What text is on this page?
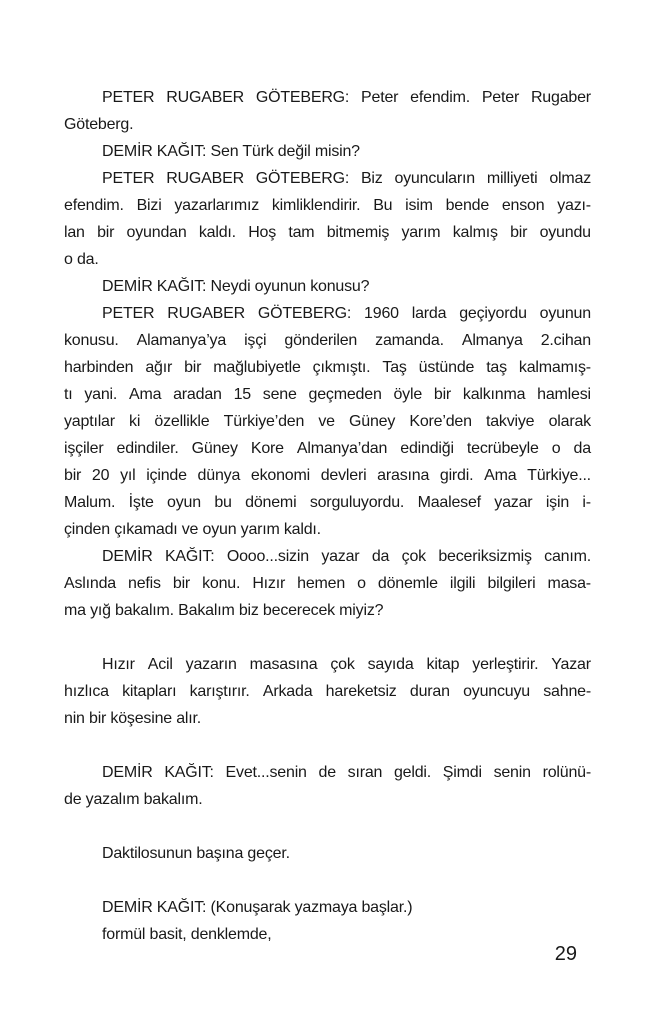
PETER RUGABER GÖTEBERG: Peter efendim. Peter Rugaber
Göteberg.
DEMİR KAĞIT: Sen Türk değil misin?
PETER RUGABER GÖTEBERG: Biz oyuncuların milliyeti olmaz
efendim. Bizi yazarlarımız kimliklendirir. Bu isim bende enson yazı-
lan bir oyundan kaldı. Hoş tam bitmemiş yarım kalmış bir oyundu
o da.
DEMİR KAĞIT: Neydi oyunun konusu?
PETER RUGABER GÖTEBERG: 1960 larda geçiyordu oyunun
konusu. Alamanya’ya işçi gönderilen zamanda. Almanya 2.cihan
harbinden ağır bir mağlubiyetle çıkmıştı. Taş üstünde taş kalmamış-
tı yani. Ama aradan 15 sene geçmeden öyle bir kalkınma hamlesi
yaptılar ki özellikle Türkiye’den ve Güney Kore’den takviye olarak
işçiler edindiler. Güney Kore Almanya’dan edindiği tecrübeyle o da
bir 20 yıl içinde dünya ekonomi devleri arasına girdi. Ama Türkiye...
Malum. İşte oyun bu dönemi sorguluyordu. Maalesef yazar işin i-
çinden çıkamadı ve oyun yarım kaldı.
DEMİR KAĞIT: Oooo...sizin yazar da çok beceriksizmiş canım.
Aslında nefis bir konu. Hızır hemen o dönemle ilgili bilgileri masa-
ma yığ bakalım. Bakalım biz becerecek miyiz?
Hızır Acil yazarın masasına çok sayıda kitap yerleştirir. Yazar
hızlıca kitapları karıştırır. Arkada hareketsiz duran oyuncuyu sahne-
nin bir köşesine alır.
DEMİR KAĞIT: Evet...senin de sıran geldi. Şimdi senin rolünü-
de yazalım bakalım.
Daktilosunun başına geçer.
DEMİR KAĞIT: (Konuşarak yazmaya başlar.)
formül basit, denklemde,
29
